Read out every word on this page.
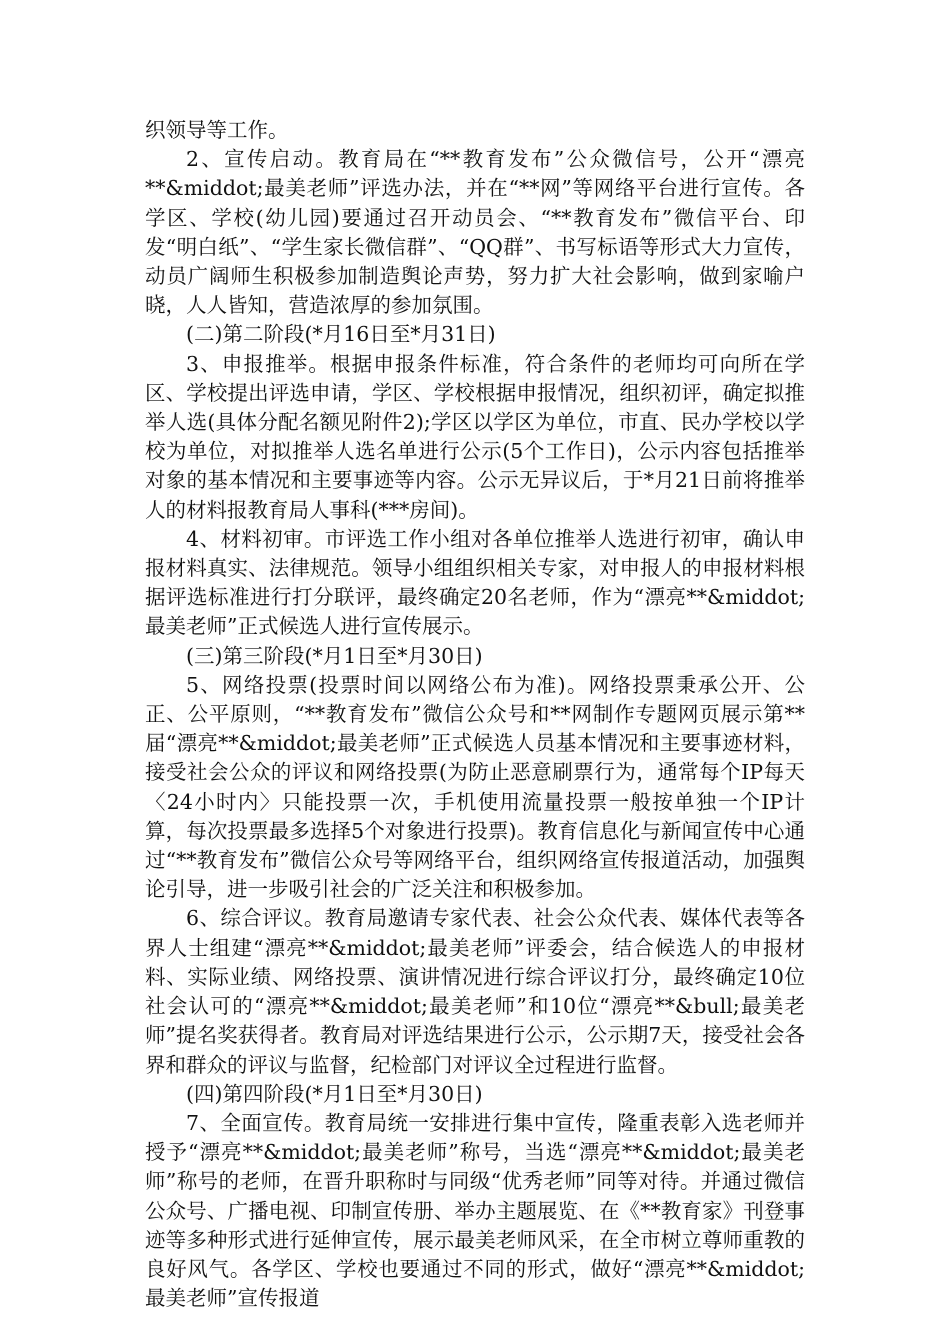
织领导等工作。

2、宣传启动。教育局在“**教育发布”公众微信号，公开“漂亮**&middot;最美老师”评选办法，并在“**网”等网络平台进行宣传。各学区、学校(幼儿园)要通过召开动员会、“**教育发布”微信平台、印发“明白纸”、“学生家长微信群”、“QQ群”、书写标语等形式大力宣传，动员广阔师生积极参加制造舆论声势，努力扩大社会影响，做到家喻户晓，人人皆知，营造浓厚的参加氛围。

(二)第二阶段(*月16日至*月31日)

3、申报推举。根据申报条件标准，符合条件的老师均可向所在学区、学校提出评选申请，学区、学校根据申报情况，组织初评，确定拟推举人选(具体分配名额见附件2);学区以学区为单位，市直、民办学校以学校为单位，对拟推举人选名单进行公示(5个工作日)，公示内容包括推举对象的基本情况和主要事迹等内容。公示无异议后，于*月21日前将推举人的材料报教育局人事科(***房间)。

4、材料初审。市评选工作小组对各单位推举人选进行初审，确认申报材料真实、法律规范。领导小组组织相关专家，对申报人的申报材料根据评选标准进行打分联评，最终确定20名老师，作为“漂亮**&middot;最美老师”正式候选人进行宣传展示。

(三)第三阶段(*月1日至*月30日)

5、网络投票(投票时间以网络公布为准)。网络投票秉承公开、公正、公平原则，“**教育发布”微信公众号和**网制作专题网页展示第**届“漂亮**&middot;最美老师”正式候选人员基本情况和主要事迹材料，接受社会公众的评议和网络投票(为防止恶意刷票行为，通常每个IP每天〈24小时内〉只能投票一次，手机使用流量投票一般按单独一个IP计算，每次投票最多选择5个对象进行投票)。教育信息化与新闻宣传中心通过“**教育发布”微信公众号等网络平台，组织网络宣传报道活动，加强舆论引导，进一步吸引社会的广泛关注和积极参加。

6、综合评议。教育局邀请专家代表、社会公众代表、媒体代表等各界人士组建“漂亮**&middot;最美老师”评委会，结合候选人的申报材料、实际业绩、网络投票、演讲情况进行综合评议打分，最终确定10位社会认可的“漂亮**&middot;最美老师”和10位“漂亮**&bull;最美老师”提名奖获得者。教育局对评选结果进行公示，公示期7天，接受社会各界和群众的评议与监督，纪检部门对评议全过程进行监督。

(四)第四阶段(*月1日至*月30日)

7、全面宣传。教育局统一安排进行集中宣传，隆重表彰入选老师并授予“漂亮**&middot;最美老师”称号，当选“漂亮**&middot;最美老师”称号的老师，在晋升职称时与同级“优秀老师”同等对待。并通过微信公众号、广播电视、印制宣传册、举办主题展览、在《**教育家》刊登事迹等多种形式进行延伸宣传，展示最美老师风采，在全市树立尊师重教的良好风气。各学区、学校也要通过不同的形式，做好“漂亮**&middot;最美老师”宣传报道
